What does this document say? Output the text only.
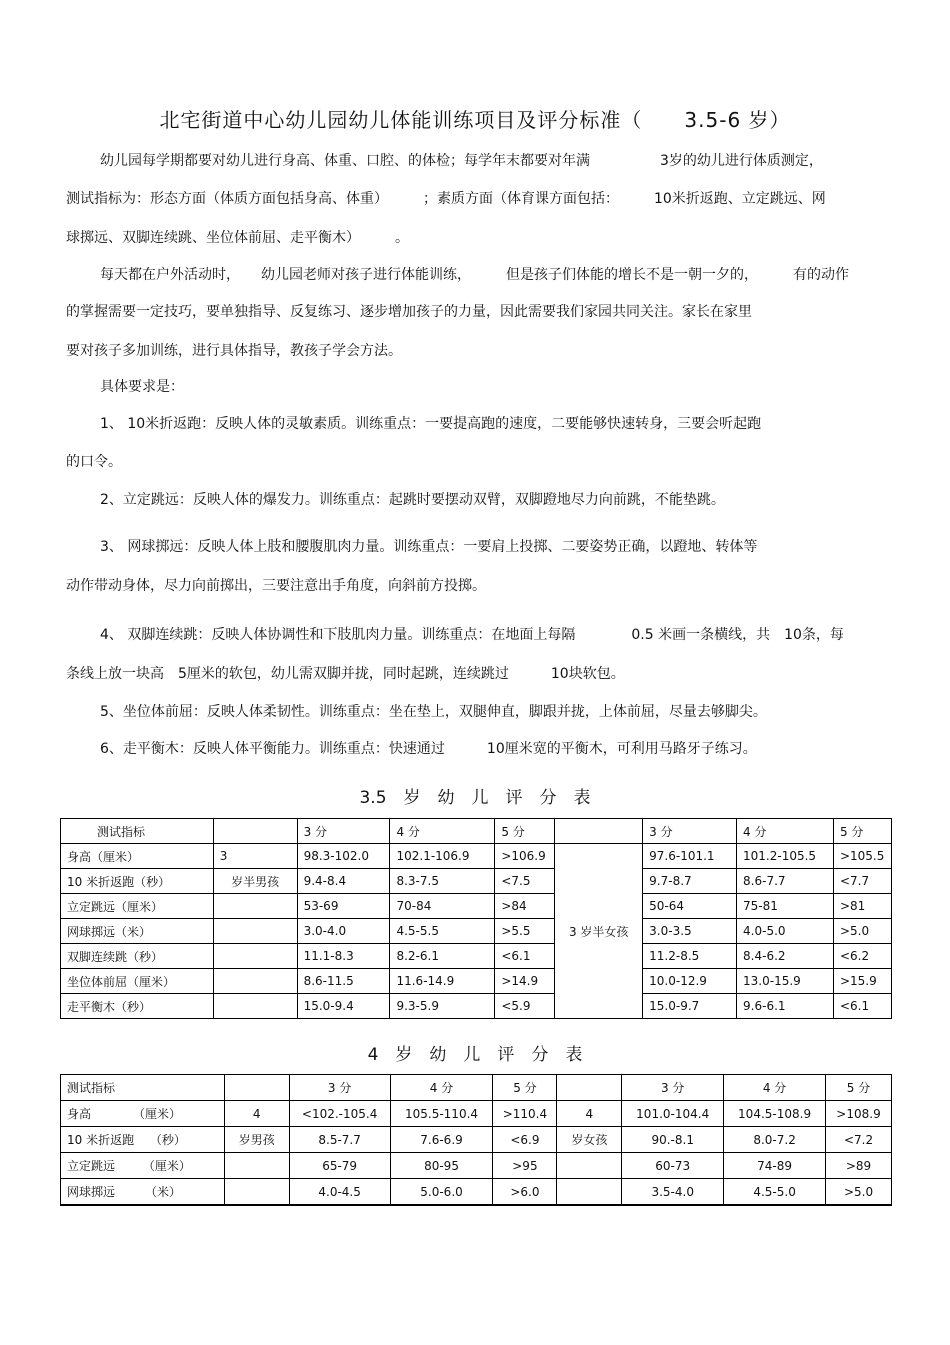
北宅街道中心幼儿园幼儿体能训练项目及评分标准（　　3.5-6 岁）
幼儿园每学期都要对幼儿进行身高、体重、口腔、的体检；每学年末都要对年满　　　　　3岁的幼儿进行体质测定，
测试指标为：形态方面（体质方面包括身高、体重）　　　；素质方面（体育课方面包括：　　　10米折返跑、立定跳远、网
球掷远、双脚连续跳、坐位体前屈、走平衡木）　　　。
每天都在户外活动时，　　幼儿园老师对孩子进行体能训练，　　　但是孩子们体能的增长不是一朝一夕的，　　　有的动作
的掌握需要一定技巧，要单独指导、反复练习、逐步增加孩子的力量，因此需要我们家园共同关注。家长在家里
要对孩子多加训练，进行具体指导，教孩子学会方法。
具体要求是：
1、 10米折返跑：反映人体的灵敏素质。训练重点：一要提高跑的速度，二要能够快速转身，三要会听起跑
的口令。
2、立定跳远：反映人体的爆发力。训练重点：起跳时要摆动双臂，双脚蹬地尽力向前跳，不能垫跳。
3、 网球掷远：反映人体上肢和腰腹肌肉力量。训练重点：一要肩上投掷、二要姿势正确，以蹬地、转体等
动作带动身体，尽力向前掷出，三要注意出手角度，向斜前方投掷。
4、 双脚连续跳：反映人体协调性和下肢肌肉力量。训练重点：在地面上每隔　　　　0.5 米画一条横线，共　10条，每
条线上放一块高　5厘米的软包，幼儿需双脚并拢，同时起跳，连续跳过　　　10块软包。
5、坐位体前屈：反映人体柔韧性。训练重点：坐在垫上，双腿伸直，脚跟并拢，上体前屈，尽量去够脚尖。
6、走平衡木：反映人体平衡能力。训练重点：快速通过　　　10厘米宽的平衡木，可利用马路牙子练习。
3.5　岁　幼　儿　评　分　表
测试指标		3 分	4 分	5 分		3 分	4 分	5 分
身高（厘米）	3	98.3-102.0	102.1-106.9	>106.9	3 岁半女孩	97.6-101.1	101.2-105.5	>105.5
10 米折返跑（秒）	岁半男孩	9.4-8.4	8.3-7.5	<7.5		9.7-8.7	8.6-7.7	<7.7
立定跳远（厘米）		53-69	70-84	>84		50-64	75-81	>81
网球掷远（米）		3.0-4.0	4.5-5.5	>5.5		3.0-3.5	4.0-5.0	>5.0
双脚连续跳（秒）		11.1-8.3	8.2-6.1	<6.1		11.2-8.5	8.4-6.2	<6.2
坐位体前屈（厘米）		8.6-11.5	11.6-14.9	>14.9		10.0-12.9	13.0-15.9	>15.9
走平衡木（秒）		15.0-9.4	9.3-5.9	<5.9		15.0-9.7	9.6-6.1	<6.1
4　岁　幼　儿　评　分　表
测试指标		3 分	4 分	5 分		3 分	4 分	5 分
身高　　　　（厘米）	4	<102.-105.4	105.5-110.4	>110.4	4	101.0-104.4	104.5-108.9	>108.9
10 米折返跑　 （秒）	岁男孩	8.5-7.7	7.6-6.9	<6.9	岁女孩	90.-8.1	8.0-7.2	<7.2
立定跳远　　 （厘米）		65-79	80-95	>95		60-73	74-89	>89
网球掷远　　　（米）		4.0-4.5	5.0-6.0	>6.0		3.5-4.0	4.5-5.0	>5.0
